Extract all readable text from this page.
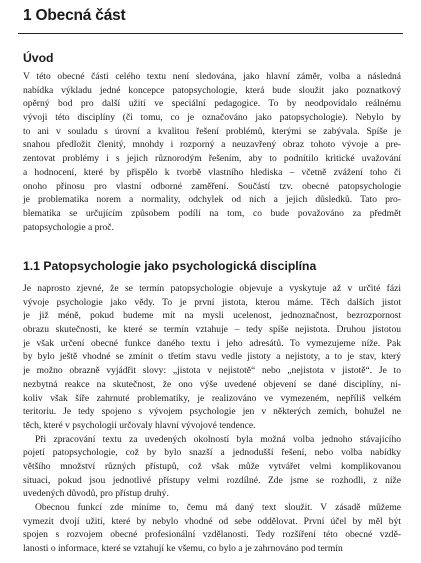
1 Obecná část
Úvod
V této obecné části celého textu není sledována, jako hlavní záměr, volba a následná
nabídka výkladu jedné koncepce patopsychologie, která bude sloužit jako poznatkový
opěrný bod pro další užití ve speciální pedagogice. To by neodpovídalo reálnému
vývoji této disciplíny (či tomu, co je označováno jako patopsychologie). Nebylo by
to ani v souladu s úrovní a kvalitou řešení problémů, kterými se zabývala. Spíše je
snahou předložit členitý, mnohdy i rozporný a neuzavřený obraz tohoto vývoje a pre-
zentovat problémy i s jejich různorodým řešením, aby to podnítilo kritické uvažování
a hodnocení, které by přispělo k tvorbě vlastního hlediska – včetně zvážení toho či
onoho přínosu pro vlastní odborné zaměření. Součástí tzv. obecné patopsychologie
je problematika norem a normality, odchylek od nich a jejich důsledků. Tato pro-
blematika se určujícím způsobem podílí na tom, co bude považováno za předmět
patopsychologie a proč.
1.1 Patopsychologie jako psychologická disciplína
Je naprosto zjevné, že se termín patopsychologie objevuje a vyskytuje až v určité fázi
vývoje psychologie jako vědy. To je první jistota, kterou máme. Těch dalších jistot
je již méně, pokud budeme mít na mysli ucelenost, jednoznačnost, bezrozpornost
obrazu skutečnosti, ke které se termín vztahuje – tedy spíše nejistota. Druhou jistotou
je však určení obecné funkce daného textu i jeho adresátů. To vymezujeme níže. Pak
by bylo ještě vhodné se zmínit o třetím stavu vedle jistoty a nejistoty, a to je stav, který
je možno obrazně vyjádřit slovy: „jistota v nejistotě“ nebo „nejistota v jistotě“. Je to
nezbytná reakce na skutečnost, že ono výše uvedené objevení se dané disciplíny, ni-
koliv však šíře zahrnuté problematiky, je realizováno ve vymezeném, nepříliš velkém
teritoriu. Je tedy spojeno s vývojem psychologie jen v některých zemích, bohužel ne
těch, které v psychologii určovaly hlavní vývojové tendence.
Při zpracování textu za uvedených okolností byla možná volba jednoho stávajícího
pojetí patopsychologie, což by bylo snazší a jednodušší řešení, nebo volba nabídky
většího množství různých přístupů, což však může vytvářet velmi komplikovanou
situaci, pokud jsou jednotlivé přístupy velmi rozdílné. Zde jsme se rozhodli, z níže
uvedených důvodů, pro přístup druhý.
Obecnou funkcí zde míníme to, čemu má daný text sloužit. V zásadě můžeme
vymezit dvojí užití, které by nebylo vhodné od sebe oddělovat. První účel by měl být
spojen s rozvojem obecné profesionální vzdělanosti. Tedy rozšíření této obecné vzdě-
lanosti o informace, které se vztahují ke všemu, co bylo a je zahrnováno pod termín
